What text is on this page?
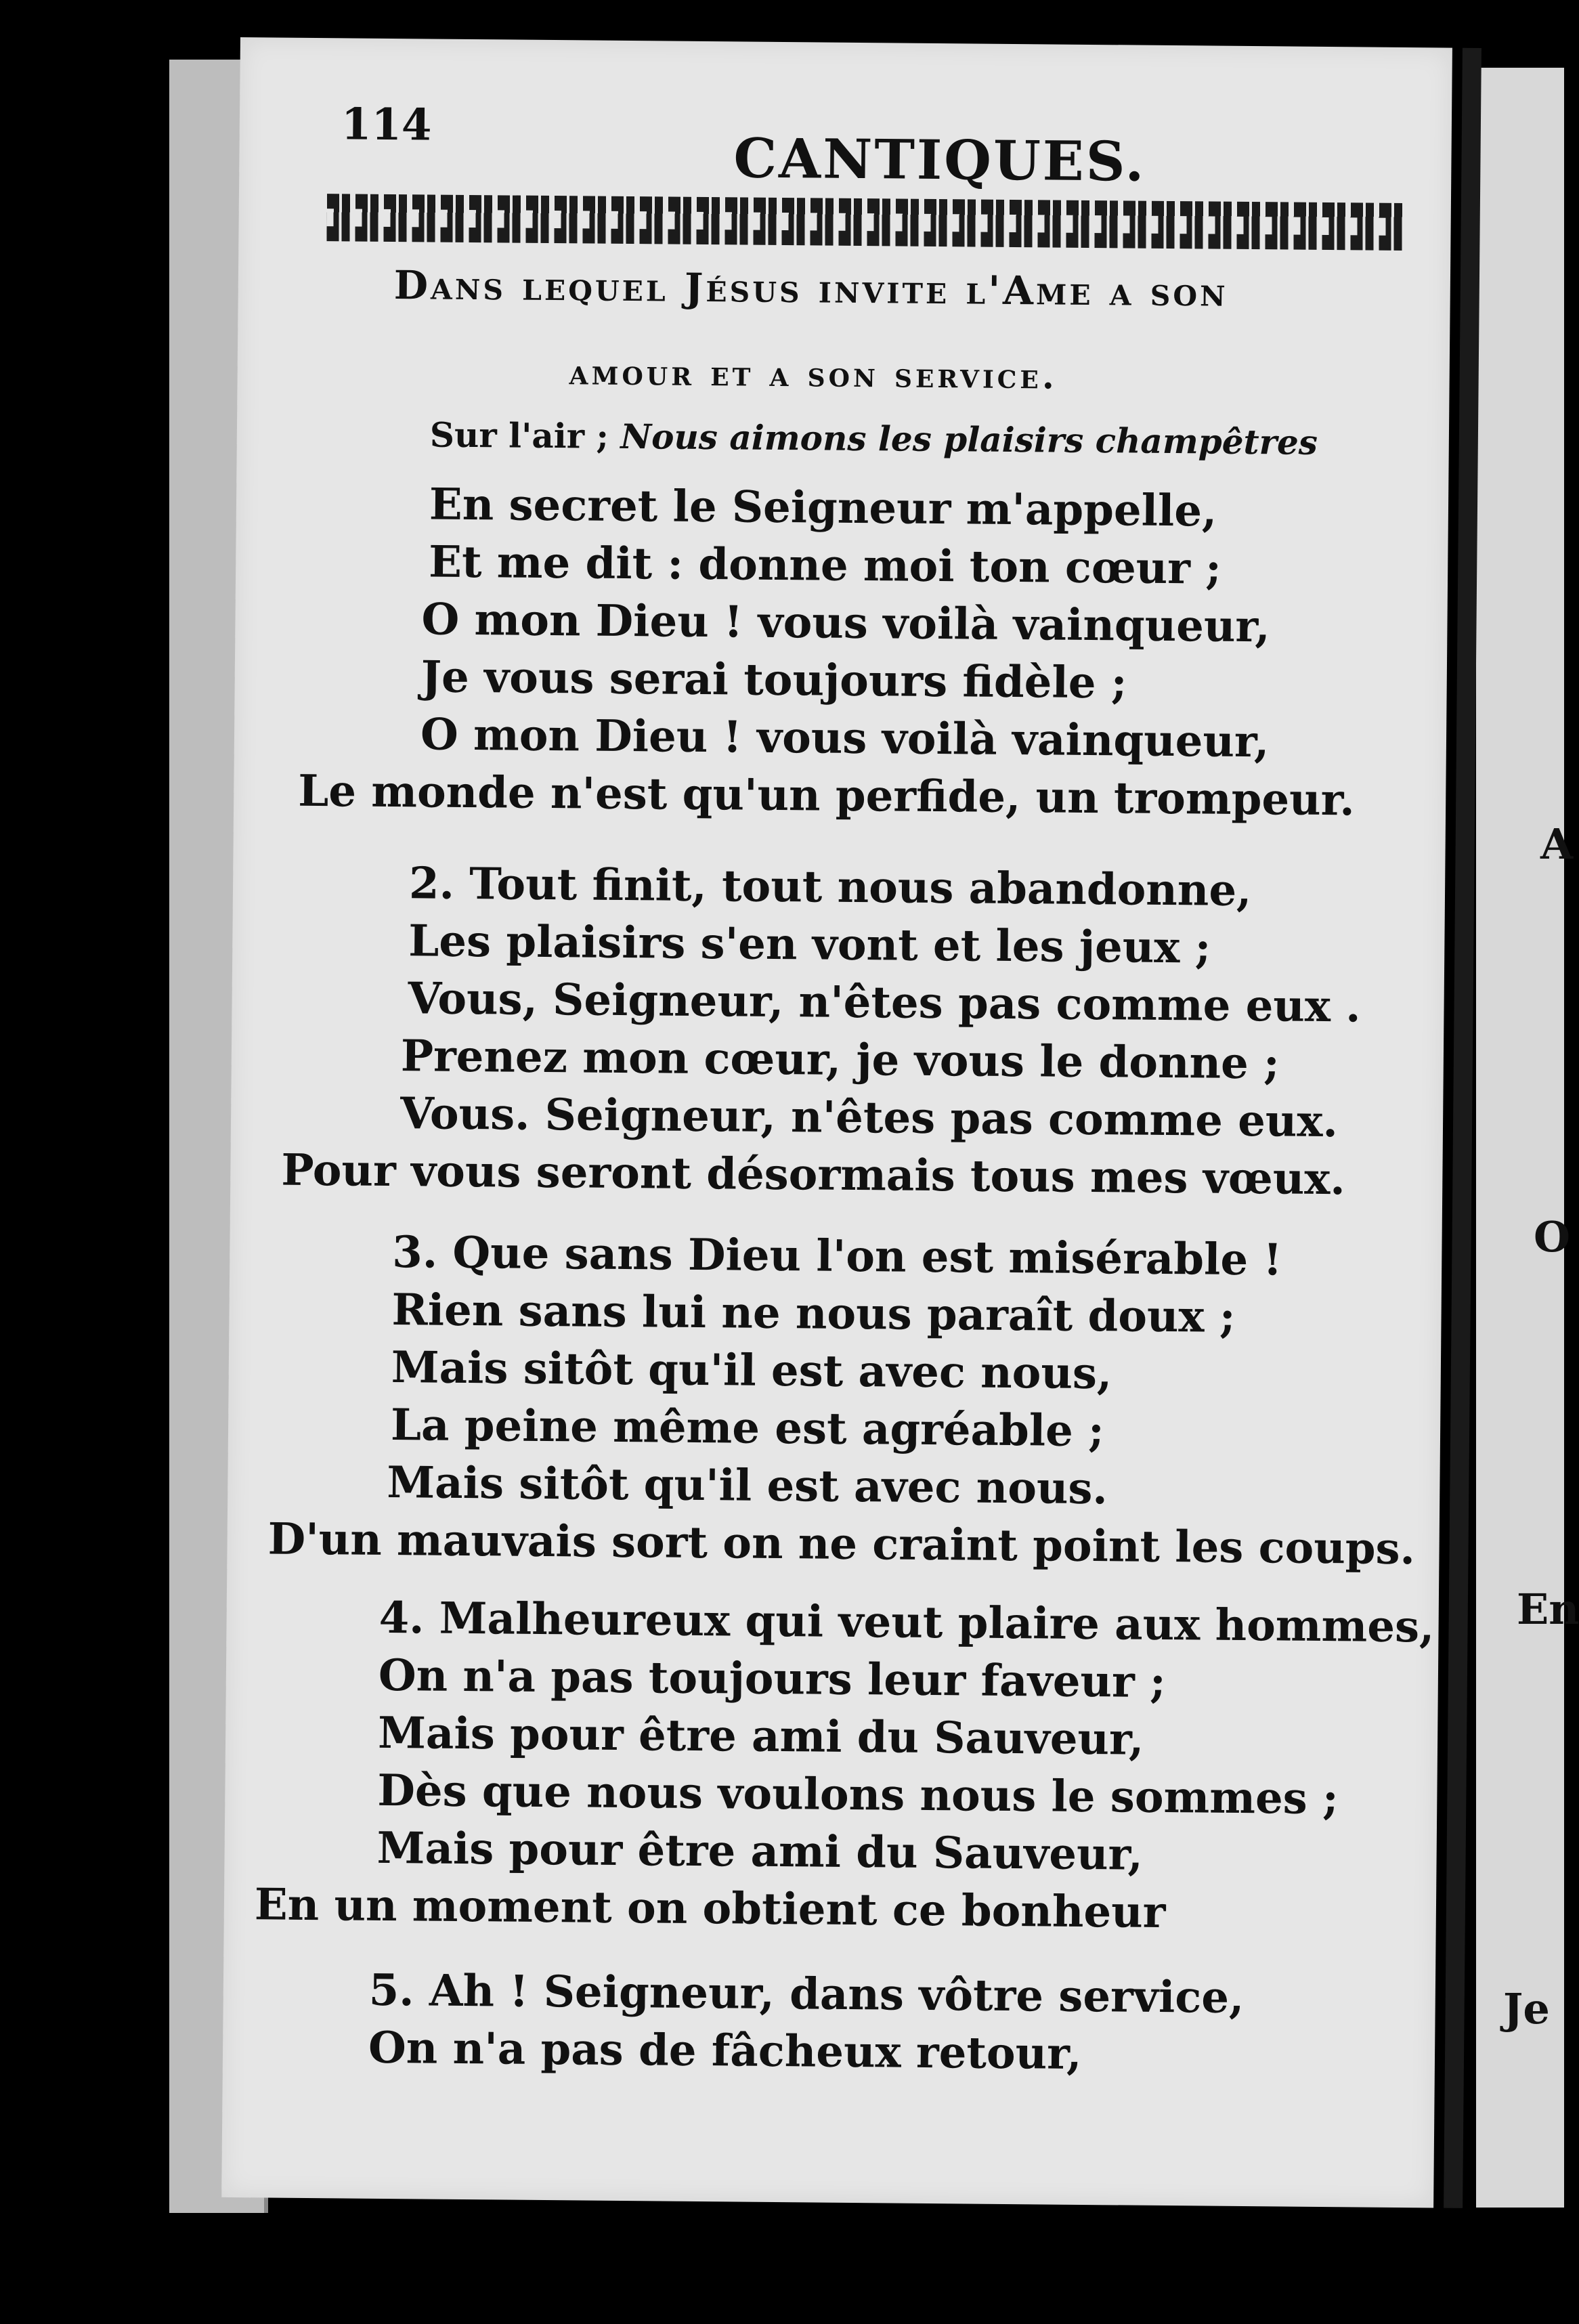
A
O
En
Je
114
CANTIQUES.
Dans lequel Jésus invite l'Ame a son
amour et a son service.
Sur l'air ; Nous aimons les plaisirs champêtres
En secret le Seigneur m'appelle,
Et me dit : donne moi ton cœur ;
O mon Dieu ! vous voilà vainqueur,
Je vous serai toujours fidèle ;
O mon Dieu ! vous voilà vainqueur,
Le monde n'est qu'un perfide, un trompeur.
2. Tout finit, tout nous abandonne,
Les plaisirs s'en vont et les jeux ;
Vous, Seigneur, n'êtes pas comme eux .
Prenez mon cœur, je vous le donne ;
Vous. Seigneur, n'êtes pas comme eux.
Pour vous seront désormais tous mes vœux.
3. Que sans Dieu l'on est misérable !
Rien sans lui ne nous paraît doux ;
Mais sitôt qu'il est avec nous,
La peine même est agréable ;
Mais sitôt qu'il est avec nous.
D'un mauvais sort on ne craint point les coups.
4. Malheureux qui veut plaire aux hommes,
On n'a pas toujours leur faveur ;
Mais pour être ami du Sauveur,
Dès que nous voulons nous le sommes ;
Mais pour être ami du Sauveur,
En un moment on obtient ce bonheur
5. Ah ! Seigneur, dans vôtre service,
On n'a pas de fâcheux retour,
